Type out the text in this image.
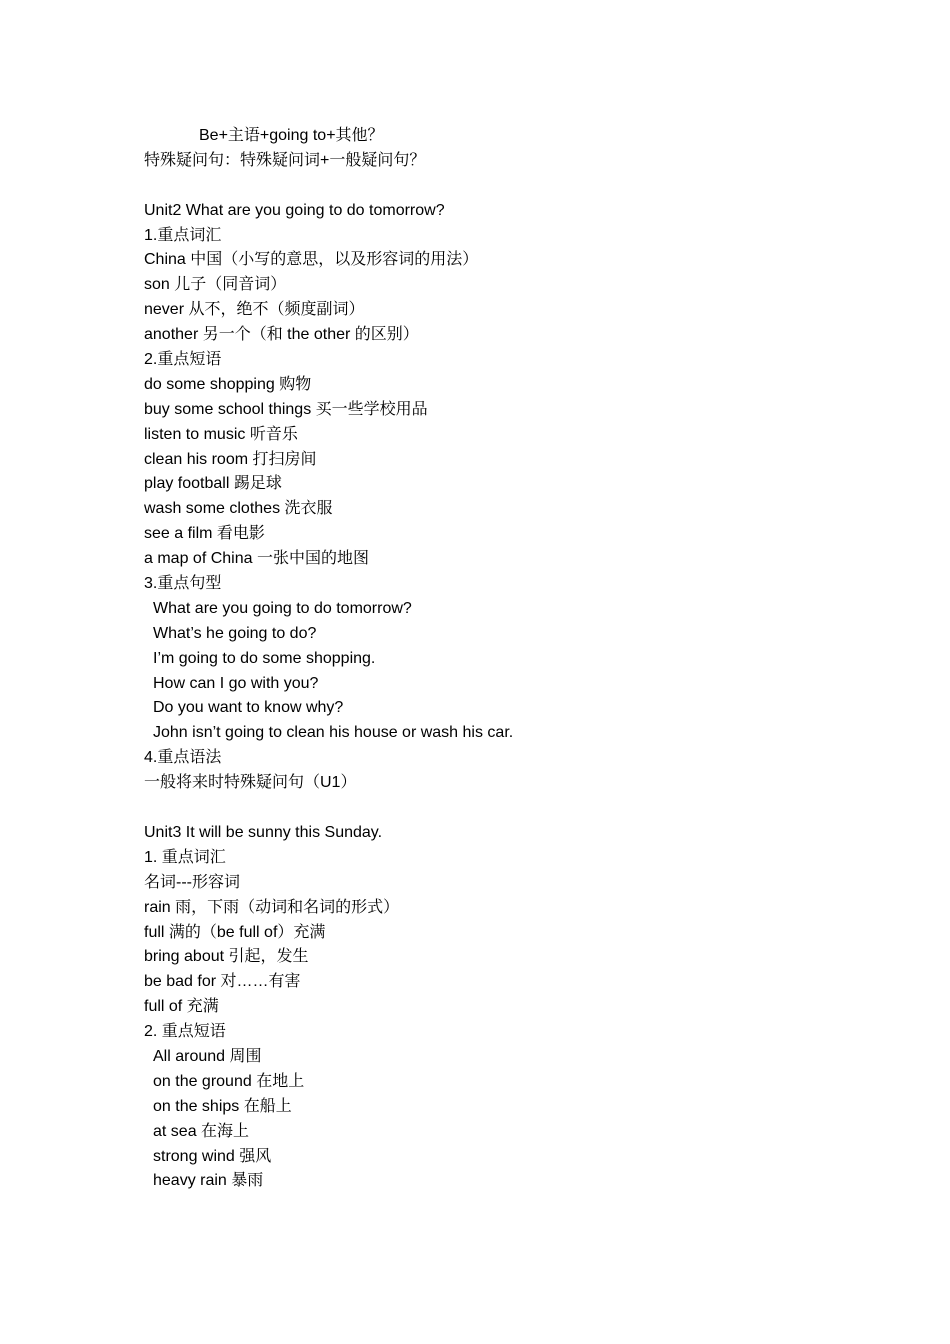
Be+主语+going to+其他？
特殊疑问句：特殊疑问词+一般疑问句？
Unit2 What are you going to do tomorrow?
1.重点词汇
China 中国（小写的意思，以及形容词的用法）
son 儿子（同音词）
never 从不，绝不（频度副词）
another 另一个（和 the other 的区别）
2.重点短语
do some shopping 购物
buy some school things 买一些学校用品
listen to music 听音乐
clean his room 打扫房间
play football 踢足球
wash some clothes 洗衣服
see a film 看电影
a map of China 一张中国的地图
3.重点句型
What are you going to do tomorrow?
What’s he going to do?
I’m going to do some shopping.
How can I go with you?
Do you want to know why?
John isn’t going to clean his house or wash his car.
4.重点语法
一般将来时特殊疑问句（U1）
Unit3 It will be sunny this Sunday.
1. 重点词汇
名词---形容词
rain 雨，下雨（动词和名词的形式）
full 满的（be full of）充满
bring about 引起，发生
be bad for 对……有害
full of 充满
2. 重点短语
All around 周围
on the ground 在地上
on the ships 在船上
at sea 在海上
strong wind 强风
heavy rain 暴雨
